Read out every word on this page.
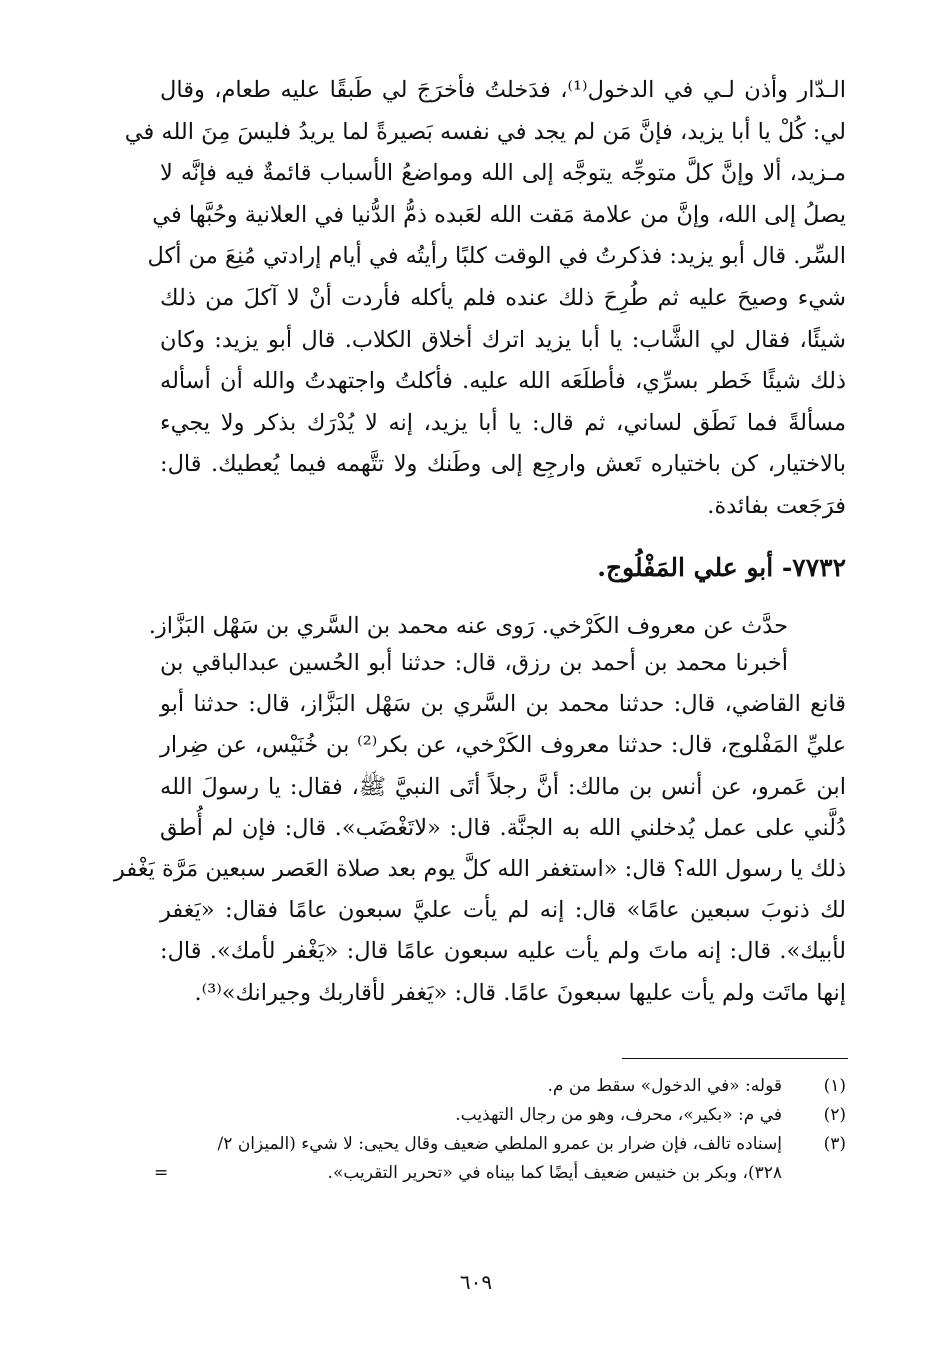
الـدّار وأذن لـي في الدخول⁽¹⁾، فدَخلتُ فأخرَجَ لي طَبقًا عليه طعام، وقال
لي: كُلْ يا أبا يزيد، فإنَّ مَن لم يجد في نفسه بَصيرةً لما يريدُ فليسَ مِنَ الله في
مـزيد، ألا وإنَّ كلَّ متوجِّه يتوجَّه إلى الله ومواضعُ الأسباب قائمةٌ فيه فإنَّه لا
يصلُ إلى الله، وإنَّ من علامة مَقت الله لعَبده ذمُّ الدُّنيا في العلانية وحُبَّها في
السِّر. قال أبو يزيد: فذكرتُ في الوقت كلبًا رأيتُه في أيام إرادتي مُنِعَ من أكل
شيء وصيحَ عليه ثم طُرِحَ ذلك عنده فلم يأكله فأردت أنْ لا آكلَ من ذلك
شيئًا، فقال لي الشَّاب: يا أبا يزيد اترك أخلاق الكلاب. قال أبو يزيد: وكان
ذلك شيئًا خَطر بسرِّي، فأطلَعَه الله عليه. فأكلتُ واجتهدتُ والله أن أسأله
مسألةً فما نَطَق لساني، ثم قال: يا أبا يزيد، إنه لا يُدْرَك بذكر ولا يجيء
بالاختيار، كن باختياره تَعش وارجِع إلى وطَنك ولا تتَّهمه فيما يُعطيك. قال:
فرَجَعت بفائدة.
٧٧٣٢- أبو علي المَفْلُوج.
حدَّث عن معروف الكَرْخي. رَوى عنه محمد بن السَّري بن سَهْل البَزَّاز.
أخبرنا محمد بن أحمد بن رزق، قال: حدثنا أبو الحُسين عبدالباقي بن
قانع القاضي، قال: حدثنا محمد بن السَّري بن سَهْل البَزَّاز، قال: حدثنا أبو
عليِّ المَفْلوج، قال: حدثنا معروف الكَرْخي، عن بكر⁽²⁾ بن خُنَيْس، عن ضِرار
ابن عَمرو، عن أنس بن مالك: أنَّ رجلاً أتَى النبيَّ ﷺ، فقال: يا رسولَ الله
دُلَّني على عمل يُدخلني الله به الجنَّة. قال: «لاتَغْضَب». قال: فإن لم أُطق
ذلك يا رسول الله؟ قال: «استغفر الله كلَّ يوم بعد صلاة العَصر سبعين مَرَّة يَغْفر
لك ذنوبَ سبعين عامًا» قال: إنه لم يأت عليَّ سبعون عامًا فقال: «يَغفر
لأبيك». قال: إنه ماتَ ولم يأت عليه سبعون عامًا قال: «يَغْفر لأمك». قال:
إنها ماتَت ولم يأت عليها سبعونَ عامًا. قال: «يَغفر لأقاربك وجيرانك»⁽³⁾.
(١)
قوله: «في الدخول» سقط من م.
(٢)
في م: «بكير»، محرف، وهو من رجال التهذيب.
(٣)
إسناده تالف، فإن ضرار بن عمرو الملطي ضعيف وقال يحيى: لا شيء (الميزان ٢/
٣٢٨)، وبكر بن خنيس ضعيف أيضًا كما بيناه في «تحرير التقريب».
=
٦٠٩
